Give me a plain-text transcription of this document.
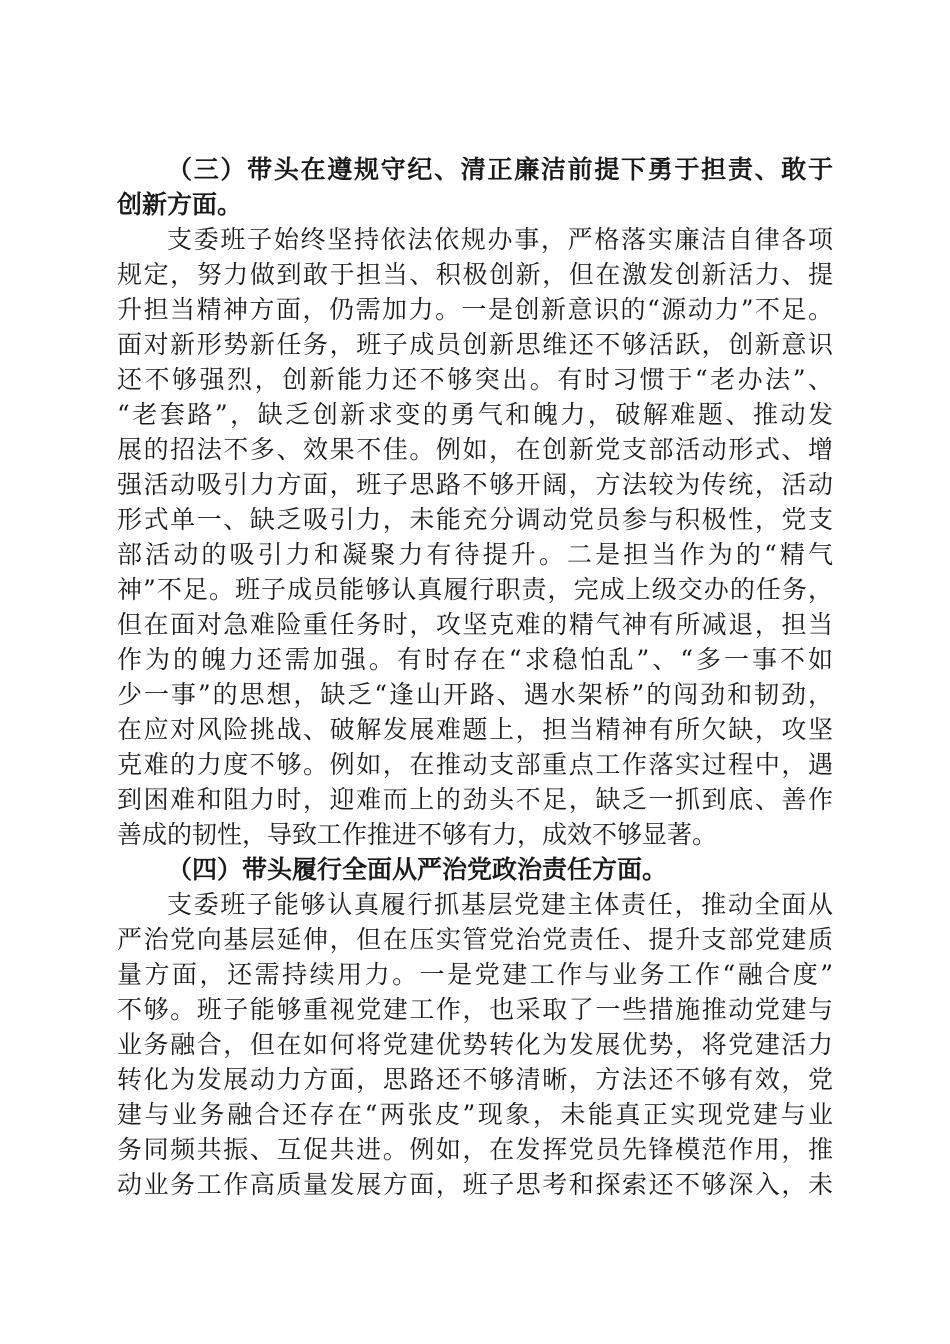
（三）带头在遵规守纪、清正廉洁前提下勇于担责、敢于
创新方面。
支委班子始终坚持依法依规办事，严格落实廉洁自律各项
规定，努力做到敢于担当、积极创新，但在激发创新活力、提
升担当精神方面，仍需加力。一是创新意识的“源动力”不足。
面对新形势新任务，班子成员创新思维还不够活跃，创新意识
还不够强烈，创新能力还不够突出。有时习惯于“老办法”、
“老套路”，缺乏创新求变的勇气和魄力，破解难题、推动发
展的招法不多、效果不佳。例如，在创新党支部活动形式、增
强活动吸引力方面，班子思路不够开阔，方法较为传统，活动
形式单一、缺乏吸引力，未能充分调动党员参与积极性，党支
部活动的吸引力和凝聚力有待提升。二是担当作为的“精气
神”不足。班子成员能够认真履行职责，完成上级交办的任务，
但在面对急难险重任务时，攻坚克难的精气神有所减退，担当
作为的魄力还需加强。有时存在“求稳怕乱”、“多一事不如
少一事”的思想，缺乏“逢山开路、遇水架桥”的闯劲和韧劲，
在应对风险挑战、破解发展难题上，担当精神有所欠缺，攻坚
克难的力度不够。例如，在推动支部重点工作落实过程中，遇
到困难和阻力时，迎难而上的劲头不足，缺乏一抓到底、善作
善成的韧性，导致工作推进不够有力，成效不够显著。
（四）带头履行全面从严治党政治责任方面。
支委班子能够认真履行抓基层党建主体责任，推动全面从
严治党向基层延伸，但在压实管党治党责任、提升支部党建质
量方面，还需持续用力。一是党建工作与业务工作“融合度”
不够。班子能够重视党建工作，也采取了一些措施推动党建与
业务融合，但在如何将党建优势转化为发展优势，将党建活力
转化为发展动力方面，思路还不够清晰，方法还不够有效，党
建与业务融合还存在“两张皮”现象，未能真正实现党建与业
务同频共振、互促共进。例如，在发挥党员先锋模范作用，推
动业务工作高质量发展方面，班子思考和探索还不够深入，未
